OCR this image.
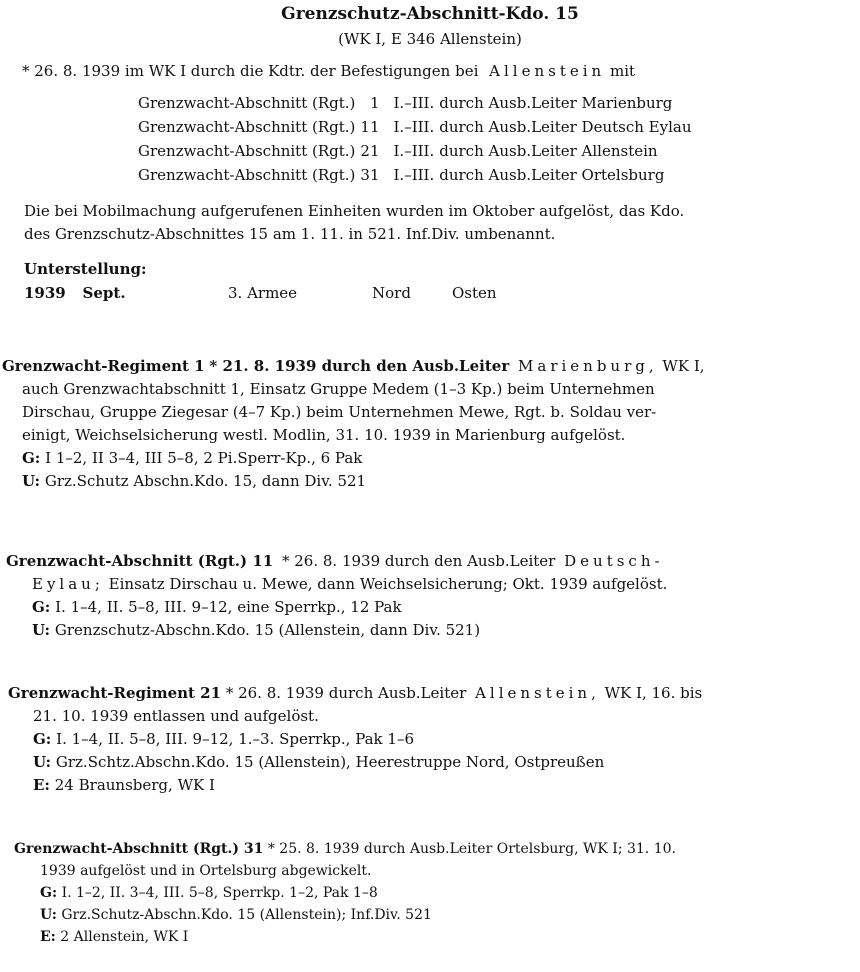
Grenzschutz-Abschnitt-Kdo. 15
(WK I, E 346 Allenstein)
* 26. 8. 1939 im WK I durch die Kdtr. der Befestigungen bei Allenstein mit
Grenzwacht-Abschnitt (Rgt.)	1	I.–III.	durch Ausb.Leiter Marienburg
Grenzwacht-Abschnitt (Rgt.)	11	I.–III.	durch Ausb.Leiter Deutsch Eylau
Grenzwacht-Abschnitt (Rgt.)	21	I.–III.	durch Ausb.Leiter Allenstein
Grenzwacht-Abschnitt (Rgt.)	31	I.–III.	durch Ausb.Leiter Ortelsburg
Die bei Mobilmachung aufgerufenen Einheiten wurden im Oktober aufgelöst, das Kdo.
des Grenzschutz-Abschnittes 15 am 1. 11. in 521. Inf.Div. umbenannt.
Unterstellung:
1939 Sept.	3. Armee	Nord	Osten
Grenzwacht-Regiment 1 * 21. 8. 1939 durch den Ausb.Leiter Marienburg, WK I,
auch Grenzwachtabschnitt 1, Einsatz Gruppe Medem (1–3 Kp.) beim Unternehmen
Dirschau, Gruppe Ziegesar (4–7 Kp.) beim Unternehmen Mewe, Rgt. b. Soldau ver-
einigt, Weichselsicherung westl. Modlin, 31. 10. 1939 in Marienburg aufgelöst.
G: I 1–2, II 3–4, III 5–8, 2 Pi.Sperr-Kp., 6 Pak
U: Grz.Schutz Abschn.Kdo. 15, dann Div. 521
Grenzwacht-Abschnitt (Rgt.) 11 * 26. 8. 1939 durch den Ausb.Leiter Deutsch-
Eylau; Einsatz Dirschau u. Mewe, dann Weichselsicherung; Okt. 1939 aufgelöst.
G: I. 1–4, II. 5–8, III. 9–12, eine Sperrkp., 12 Pak
U: Grenzschutz-Abschn.Kdo. 15 (Allenstein, dann Div. 521)
Grenzwacht-Regiment 21 * 26. 8. 1939 durch Ausb.Leiter Allenstein, WK I, 16. bis
21. 10. 1939 entlassen und aufgelöst.
G: I. 1–4, II. 5–8, III. 9–12, 1.–3. Sperrkp., Pak 1–6
U: Grz.Schtz.Abschn.Kdo. 15 (Allenstein), Heerestruppe Nord, Ostpreußen
E: 24 Braunsberg, WK I
Grenzwacht-Abschnitt (Rgt.) 31 * 25. 8. 1939 durch Ausb.Leiter Ortelsburg, WK I; 31. 10.
1939 aufgelöst und in Ortelsburg abgewickelt.
G: I. 1–2, II. 3–4, III. 5–8, Sperrkp. 1–2, Pak 1–8
U: Grz.Schutz-Abschn.Kdo. 15 (Allenstein); Inf.Div. 521
E: 2 Allenstein, WK I
